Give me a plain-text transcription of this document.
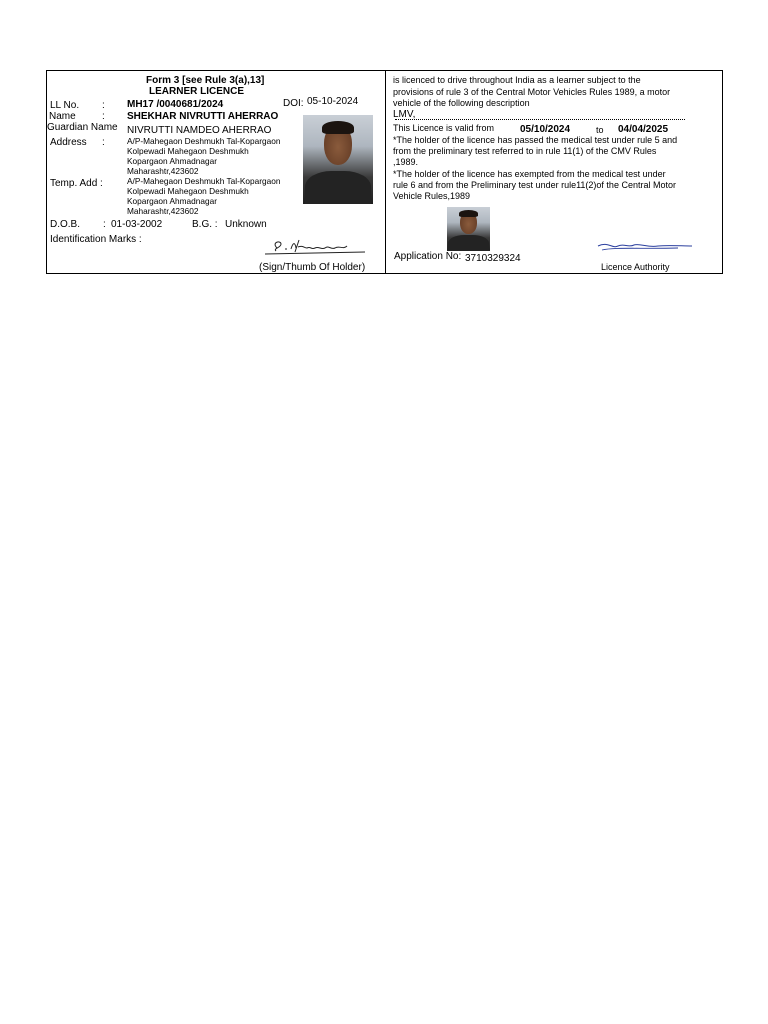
Form 3 [see Rule 3(a),13]
LEARNER LICENCE
LL No. : MH17 /0040681/2024	DOI: 05-10-2024
Name	: SHEKHAR NIVRUTTI AHERRAO
Guardian Name NIVRUTTI NAMDEO AHERRAO
Address :	A/P-Mahegaon Deshmukh Tal-Kopargaon
Kolpewadi Mahegaon Deshmukh
Kopargaon Ahmadnagar
Maharashtr,423602
Temp. Add :	A/P-Mahegaon Deshmukh Tal-Kopargaon
Kolpewadi Mahegaon Deshmukh
Kopargaon Ahmadnagar
Maharashtr,423602
D.O.B. : 01-03-2002	B.G. : Unknown
Identification Marks :
(Sign/Thumb Of Holder)
is licenced to drive throughout India as a learner subject to the
provisions of rule 3 of the Central Motor Vehicles Rules 1989, a motor
vehicle of the following description
LMV,
This Licence is valid from	05/10/2024	to 04/04/2025
*The holder of the licence has passed the medical test under rule 5 and
from the preliminary test referred to in rule 11(1) of the CMV Rules
,1989.
*The holder of the licence has exempted from the medical test under
rule 6 and from the Preliminary test under rule11(2)of the Central Motor
Vehicle Rules,1989
Application No: 3710329324
Licence Authority
